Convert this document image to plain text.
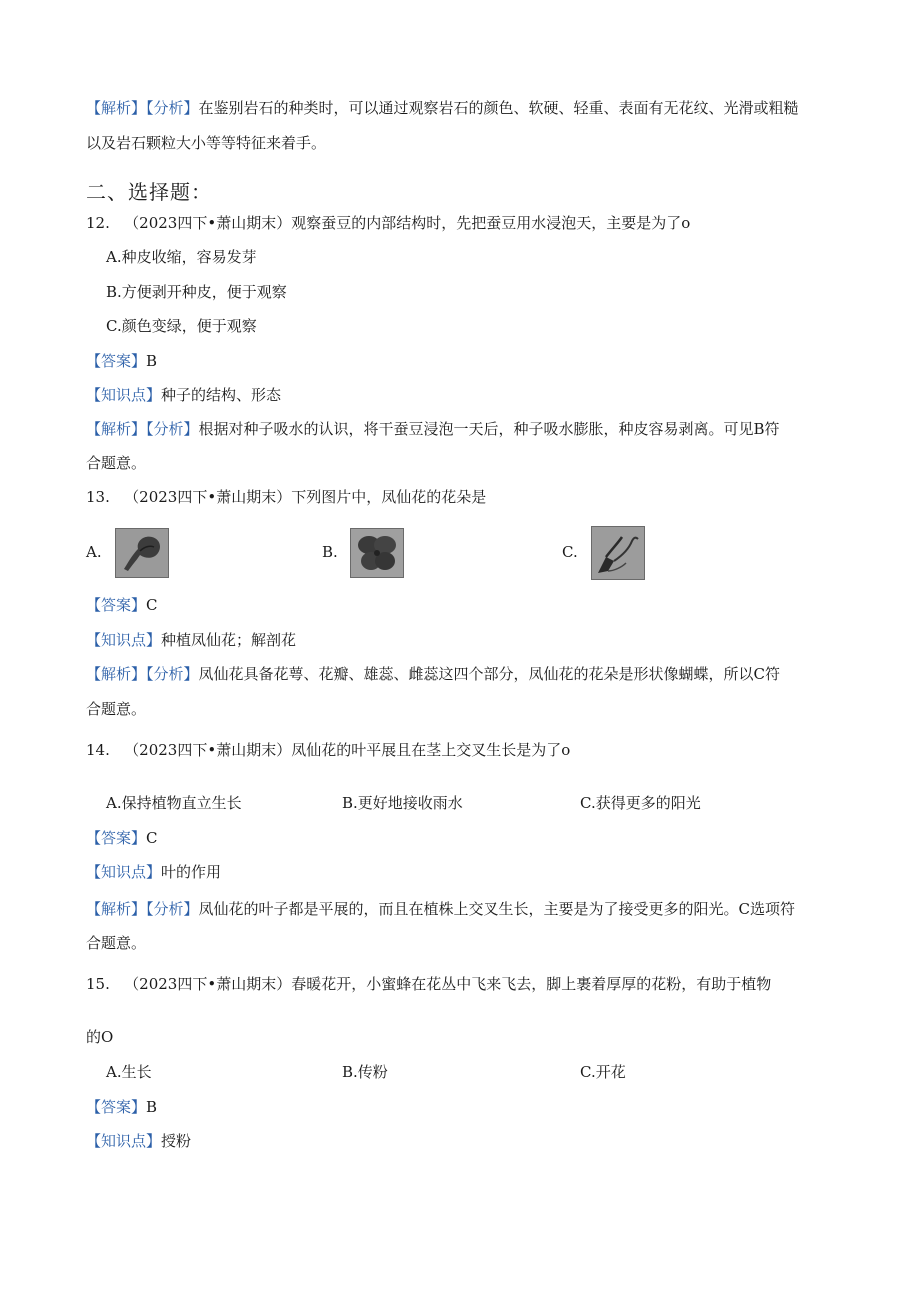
【解析】【分析】在鉴别岩石的种类时，可以通过观察岩石的颜色、软硬、轻重、表面有无花纹、光滑或粗糙
以及岩石颗粒大小等等特征来着手。
二、选择题：
12. （2023四下•萧山期末）观察蚕豆的内部结构时，先把蚕豆用水浸泡天，主要是为了o
A.种皮收缩，容易发芽
B.方便剥开种皮，便于观察
C.颜色变绿，便于观察
【答案】B
【知识点】种子的结构、形态
【解析】【分析】根据对种子吸水的认识，将干蚕豆浸泡一天后，种子吸水膨胀，种皮容易剥离。可见B符
合题意。
13. （2023四下•萧山期末）下列图片中，凤仙花的花朵是
A.	B.	C.
【答案】C
【知识点】种植凤仙花；解剖花
【解析】【分析】凤仙花具备花萼、花瓣、雄蕊、雌蕊这四个部分，凤仙花的花朵是形状像蝴蝶，所以C符
合题意。
14. （2023四下•萧山期末）凤仙花的叶平展且在茎上交叉生长是为了o
A.保持植物直立生长	B.更好地接收雨水	C.获得更多的阳光
【答案】C
【知识点】叶的作用
【解析】【分析】凤仙花的叶子都是平展的，而且在植株上交叉生长，主要是为了接受更多的阳光。C选项符
合题意。
15. （2023四下•萧山期末）春暖花开，小蜜蜂在花丛中飞来飞去，脚上裹着厚厚的花粉，有助于植物
的O
A.生长	B.传粉	C.开花
【答案】B
【知识点】授粉
